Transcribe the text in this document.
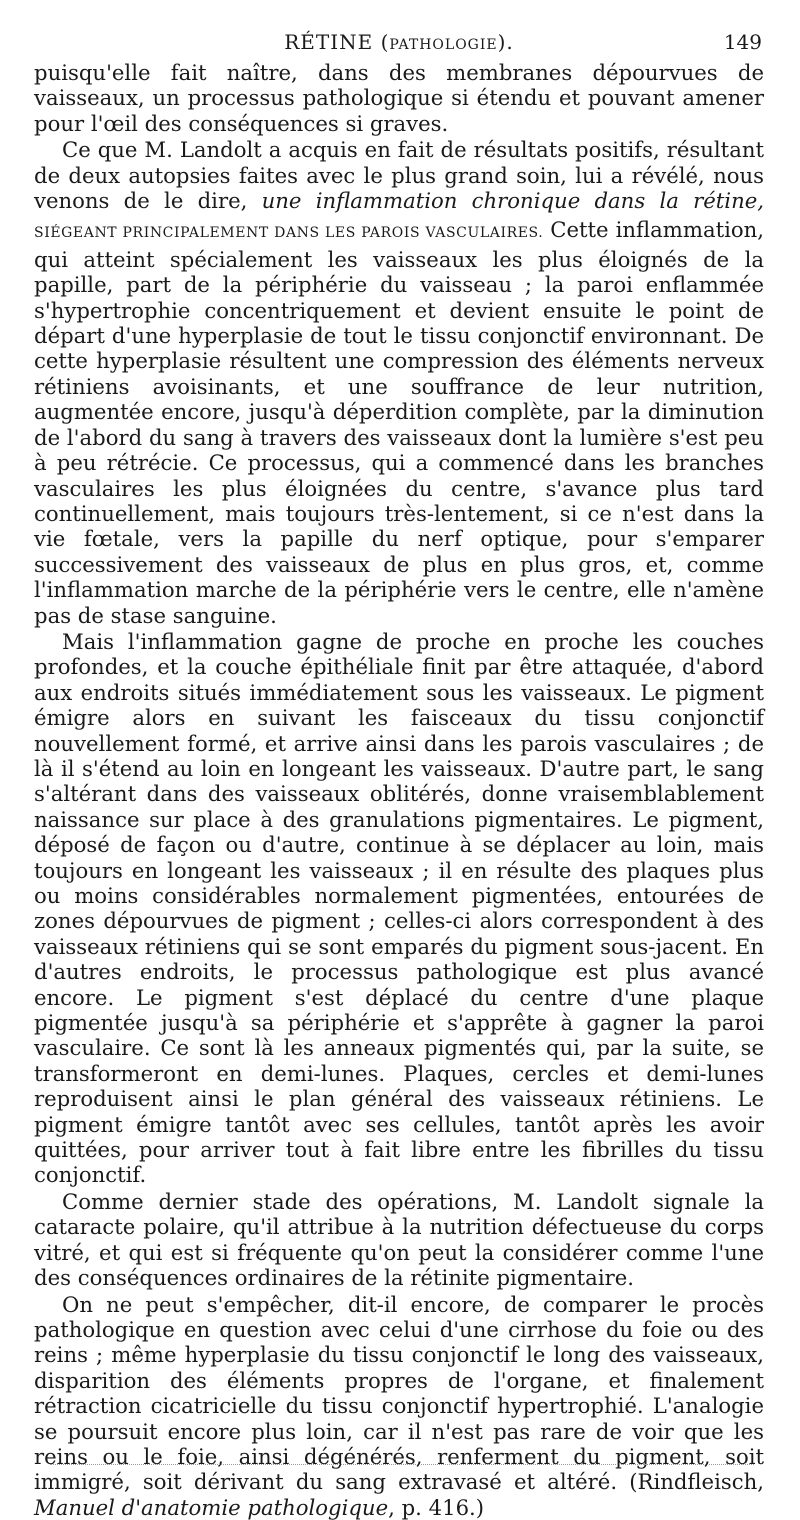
RÉTINE (PATHOLOGIE).	149

puisqu'elle fait naître, dans des membranes dépourvues de vaisseaux, un processus pathologique si étendu et pouvant amener pour l'œil des conséquences si graves.

Ce que M. Landolt a acquis en fait de résultats positifs, résultant de deux autopsies faites avec le plus grand soin, lui a révélé, nous venons de le dire, une inflammation chronique dans la rétine, SIÉGEANT PRINCIPALEMENT DANS LES PAROIS VASCULAIRES. Cette inflammation, qui atteint spécialement les vaisseaux les plus éloignés de la papille, part de la périphérie du vaisseau ; la paroi enflammée s'hypertrophie concentriquement et devient ensuite le point de départ d'une hyperplasie de tout le tissu conjonctif environnant. De cette hyperplasie résultent une compression des éléments nerveux rétiniens avoisinants, et une souffrance de leur nutrition, augmentée encore, jusqu'à déperdition complète, par la diminution de l'abord du sang à travers des vaisseaux dont la lumière s'est peu à peu rétrécie. Ce processus, qui a commencé dans les branches vasculaires les plus éloignées du centre, s'avance plus tard continuellement, mais toujours très-lentement, si ce n'est dans la vie fœtale, vers la papille du nerf optique, pour s'emparer successivement des vaisseaux de plus en plus gros, et, comme l'inflammation marche de la périphérie vers le centre, elle n'amène pas de stase sanguine.

Mais l'inflammation gagne de proche en proche les couches profondes, et la couche épithéliale finit par être attaquée, d'abord aux endroits situés immédiatement sous les vaisseaux. Le pigment émigre alors en suivant les faisceaux du tissu conjonctif nouvellement formé, et arrive ainsi dans les parois vasculaires ; de là il s'étend au loin en longeant les vaisseaux. D'autre part, le sang s'altérant dans des vaisseaux oblitérés, donne vraisemblablement naissance sur place à des granulations pigmentaires. Le pigment, déposé de façon ou d'autre, continue à se déplacer au loin, mais toujours en longeant les vaisseaux ; il en résulte des plaques plus ou moins considérables normalement pigmentées, entourées de zones dépourvues de pigment ; celles-ci alors correspondent à des vaisseaux rétiniens qui se sont emparés du pigment sous-jacent. En d'autres endroits, le processus pathologique est plus avancé encore. Le pigment s'est déplacé du centre d'une plaque pigmentée jusqu'à sa périphérie et s'apprête à gagner la paroi vasculaire. Ce sont là les anneaux pigmentés qui, par la suite, se transformeront en demi-lunes. Plaques, cercles et demi-lunes reproduisent ainsi le plan général des vaisseaux rétiniens. Le pigment émigre tantôt avec ses cellules, tantôt après les avoir quittées, pour arriver tout à fait libre entre les fibrilles du tissu conjonctif.

Comme dernier stade des opérations, M. Landolt signale la cataracte polaire, qu'il attribue à la nutrition défectueuse du corps vitré, et qui est si fréquente qu'on peut la considérer comme l'une des conséquences ordinaires de la rétinite pigmentaire.

On ne peut s'empêcher, dit-il encore, de comparer le procès pathologique en question avec celui d'une cirrhose du foie ou des reins ; même hyperplasie du tissu conjonctif le long des vaisseaux, disparition des éléments propres de l'organe, et finalement rétraction cicatricielle du tissu conjonctif hypertrophié. L'analogie se poursuit encore plus loin, car il n'est pas rare de voir que les reins ou le foie, ainsi dégénérés, renferment du pigment, soit immigré, soit dérivant du sang extravasé et altéré. (Rindfleisch, Manuel d'anatomie pathologique, p. 416.)
